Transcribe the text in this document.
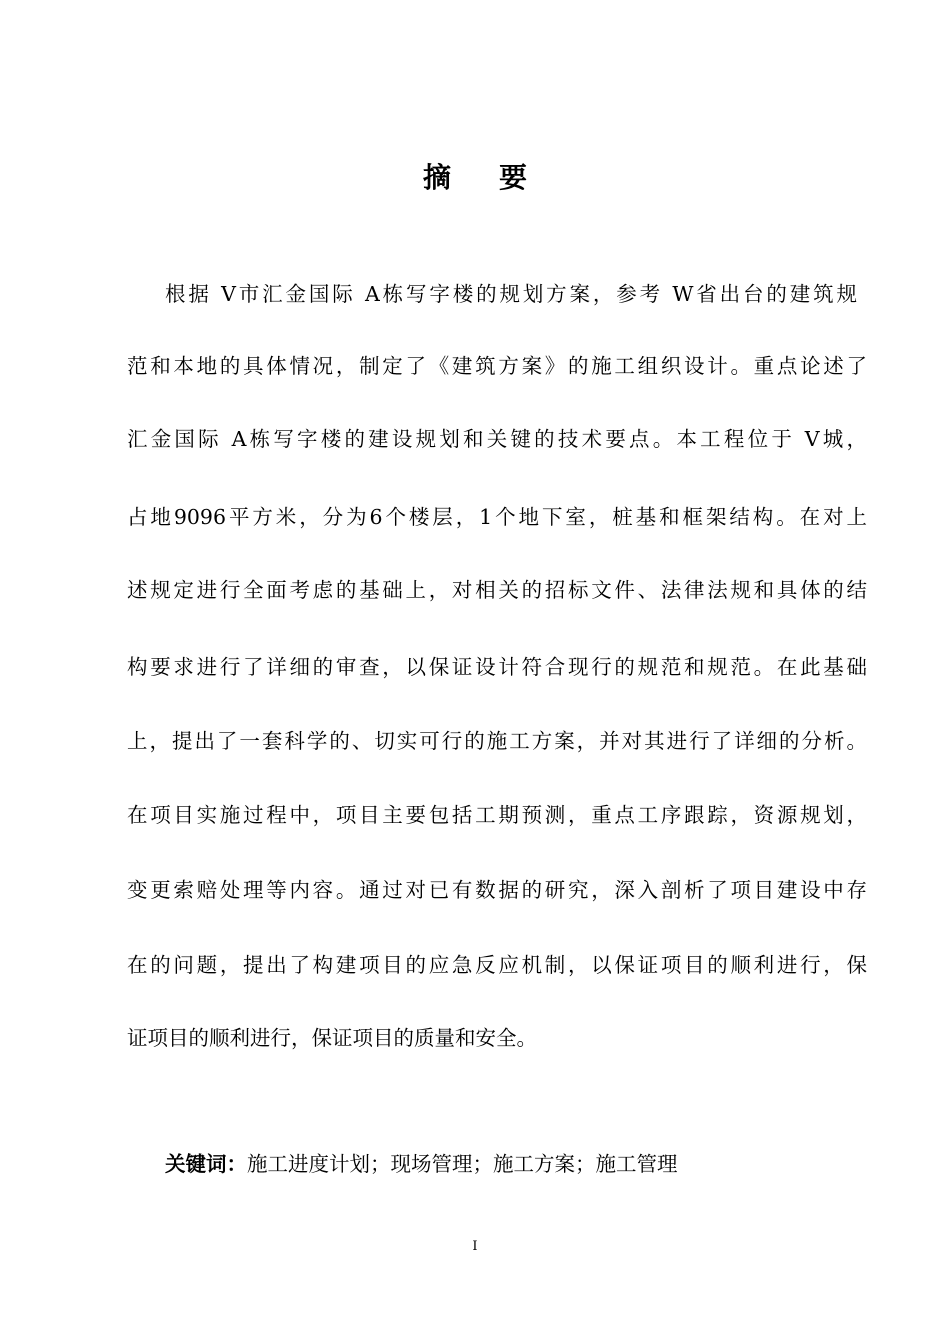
摘 要
根据 V市汇金国际 A栋写字楼的规划方案，参考 W省出台的建筑规
范和本地的具体情况，制定了《建筑方案》的施工组织设计。重点论述了
汇金国际 A栋写字楼的建设规划和关键的技术要点。本工程位于 V城，
占地9096平方米，分为6个楼层，1个地下室，桩基和框架结构。在对上
述规定进行全面考虑的基础上，对相关的招标文件、法律法规和具体的结
构要求进行了详细的审查，以保证设计符合现行的规范和规范。在此基础
上，提出了一套科学的、切实可行的施工方案，并对其进行了详细的分析。
在项目实施过程中，项目主要包括工期预测，重点工序跟踪，资源规划，
变更索赔处理等内容。通过对已有数据的研究，深入剖析了项目建设中存
在的问题，提出了构建项目的应急反应机制，以保证项目的顺利进行，保
证项目的顺利进行，保证项目的质量和安全。
关键词：施工进度计划；现场管理；施工方案；施工管理
I
